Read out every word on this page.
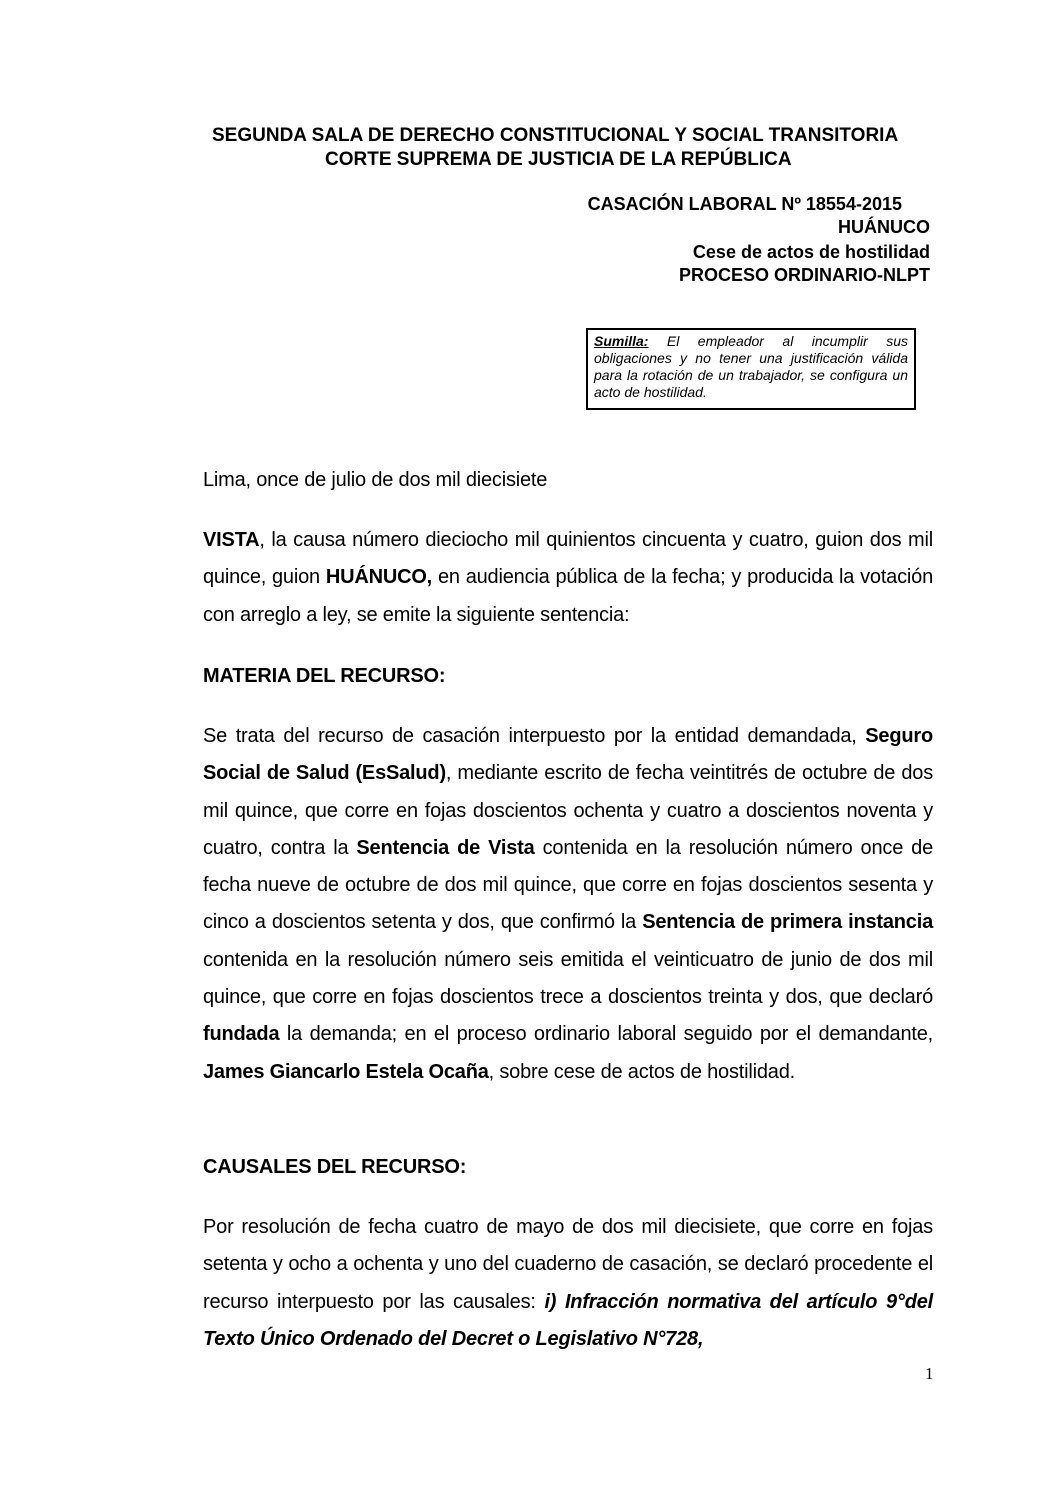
SEGUNDA SALA DE DERECHO CONSTITUCIONAL Y SOCIAL TRANSITORIA
CORTE SUPREMA DE JUSTICIA DE LA REPÚBLICA
CASACIÓN LABORAL Nº 18554-2015
HUÁNUCO
Cese de actos de hostilidad
PROCESO ORDINARIO-NLPT
Sumilla: El empleador al incumplir sus obligaciones y no tener una justificación válida para la rotación de un trabajador, se configura un acto de hostilidad.
Lima, once de julio de dos mil diecisiete
VISTA, la causa número dieciocho mil quinientos cincuenta y cuatro, guion dos mil quince, guion HUÁNUCO, en audiencia pública de la fecha; y producida la votación con arreglo a ley, se emite la siguiente sentencia:
MATERIA DEL RECURSO:
Se trata del recurso de casación interpuesto por la entidad demandada, Seguro Social de Salud (EsSalud), mediante escrito de fecha veintitrés de octubre de dos mil quince, que corre en fojas doscientos ochenta y cuatro a doscientos noventa y cuatro, contra la Sentencia de Vista contenida en la resolución número once de fecha nueve de octubre de dos mil quince, que corre en fojas doscientos sesenta y cinco a doscientos setenta y dos, que confirmó la Sentencia de primera instancia contenida en la resolución número seis emitida el veinticuatro de junio de dos mil quince, que corre en fojas doscientos trece a doscientos treinta y dos, que declaró fundada la demanda; en el proceso ordinario laboral seguido por el demandante, James Giancarlo Estela Ocaña, sobre cese de actos de hostilidad.
CAUSALES DEL RECURSO:
Por resolución de fecha cuatro de mayo de dos mil diecisiete, que corre en fojas setenta y ocho a ochenta y uno del cuaderno de casación, se declaró procedente el recurso interpuesto por las causales: i) Infracción normativa del artículo 9°del Texto Único Ordenado del Decret o Legislativo N°728,
1
